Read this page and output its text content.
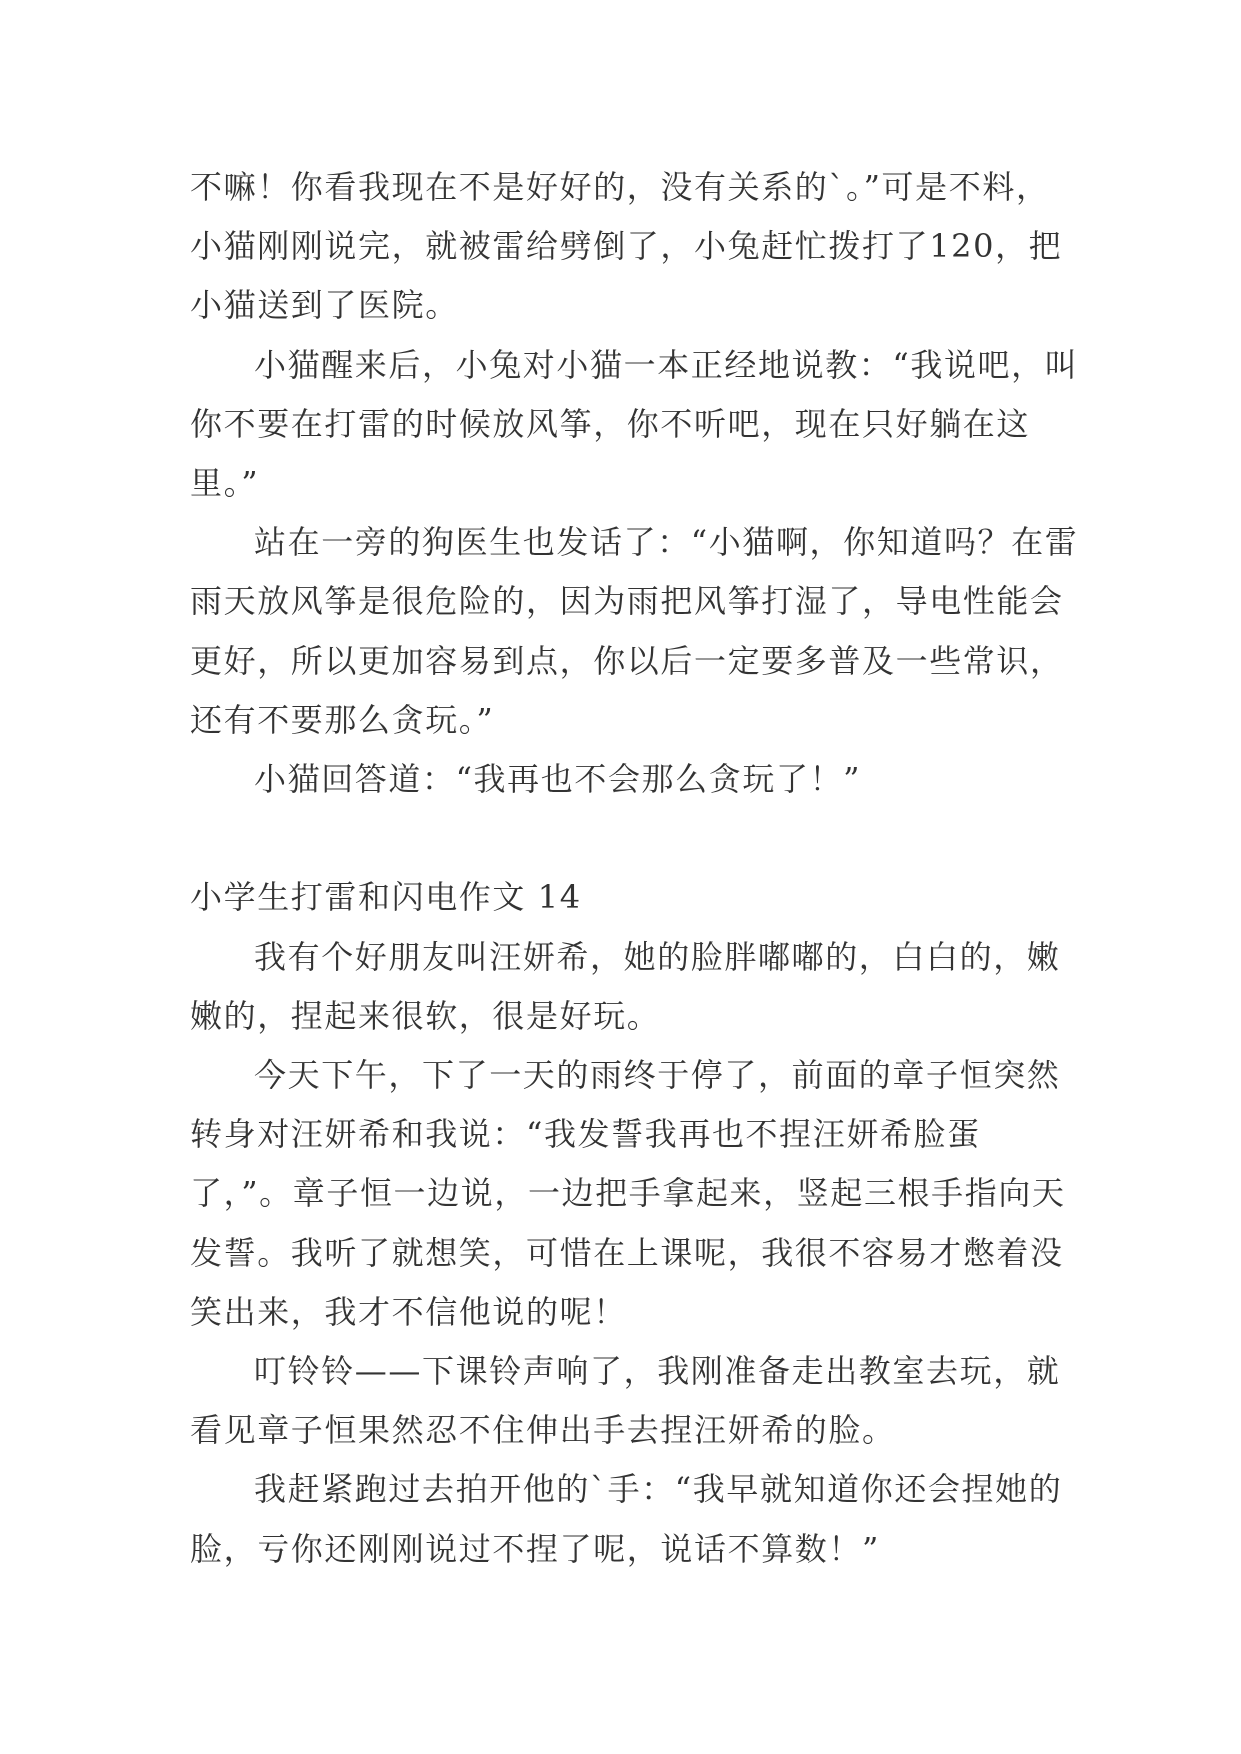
不嘛！你看我现在不是好好的，没有关系的`。”可是不料，小猫刚刚说完，就被雷给劈倒了，小兔赶忙拨打了120，把小猫送到了医院。

小猫醒来后，小兔对小猫一本正经地说教：“我说吧，叫你不要在打雷的时候放风筝，你不听吧，现在只好躺在这里。”

站在一旁的狗医生也发话了：“小猫啊，你知道吗？在雷雨天放风筝是很危险的，因为雨把风筝打湿了，导电性能会更好，所以更加容易到点，你以后一定要多普及一些常识，还有不要那么贪玩。”

小猫回答道：“我再也不会那么贪玩了！”

小学生打雷和闪电作文 14

我有个好朋友叫汪妍希，她的脸胖嘟嘟的，白白的，嫩嫩的，捏起来很软，很是好玩。

今天下午，下了一天的雨终于停了，前面的章子恒突然转身对汪妍希和我说：“我发誓我再也不捏汪妍希脸蛋了，”。章子恒一边说，一边把手拿起来，竖起三根手指向天发誓。我听了就想笑，可惜在上课呢，我很不容易才憋着没笑出来，我才不信他说的呢！

叮铃铃——下课铃声响了，我刚准备走出教室去玩，就看见章子恒果然忍不住伸出手去捏汪妍希的脸。

我赶紧跑过去拍开他的`手：“我早就知道你还会捏她的脸，亏你还刚刚说过不捏了呢，说话不算数！”
